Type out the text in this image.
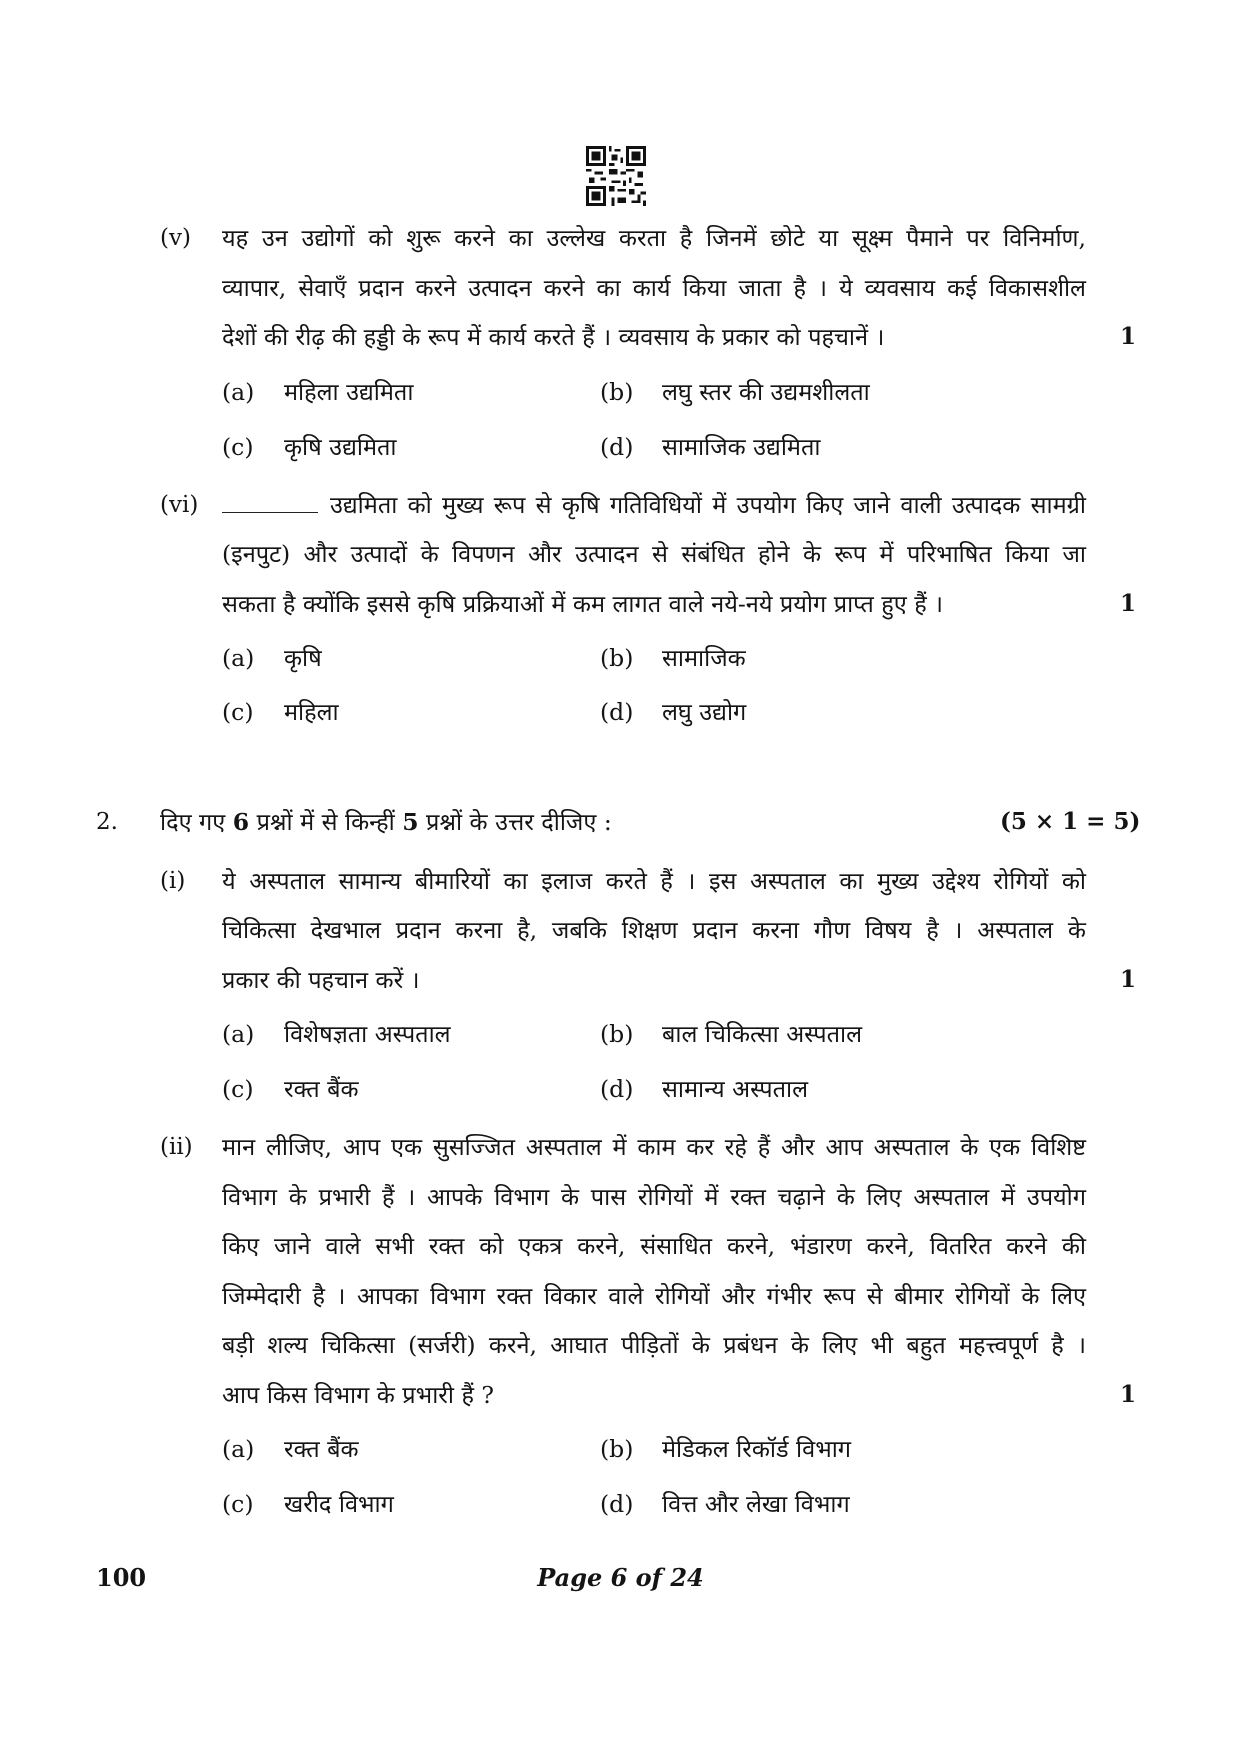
(v) यह उन उद्योगों को शुरू करने का उल्लेख करता है जिनमें छोटे या सूक्ष्म पैमाने पर विनिर्माण,
व्यापार, सेवाएँ प्रदान करने उत्पादन करने का कार्य किया जाता है । ये व्यवसाय कई विकासशील
देशों की रीढ़ की हड्डी के रूप में कार्य करते हैं । व्यवसाय के प्रकार को पहचानें ।	1
(a) महिला उद्यमिता	(b) लघु स्तर की उद्यमशीलता
(c) कृषि उद्यमिता	(d) सामाजिक उद्यमिता
(vi)	उद्यमिता को मुख्य रूप से कृषि गतिविधियों में उपयोग किए जाने वाली उत्पादक सामग्री
(इनपुट) और उत्पादों के विपणन और उत्पादन से संबंधित होने के रूप में परिभाषित किया जा
सकता है क्योंकि इससे कृषि प्रक्रियाओं में कम लागत वाले नये-नये प्रयोग प्राप्त हुए हैं ।	1
(a) कृषि	(b) सामाजिक
(c) महिला	(d) लघु उद्योग
2. दिए गए 6 प्रश्नों में से किन्हीं 5 प्रश्नों के उत्तर दीजिए :	(5 × 1 = 5)
(i) ये अस्पताल सामान्य बीमारियों का इलाज करते हैं । इस अस्पताल का मुख्य उद्देश्य रोगियों को
चिकित्सा देखभाल प्रदान करना है, जबकि शिक्षण प्रदान करना गौण विषय है । अस्पताल के
प्रकार की पहचान करें ।	1
(a) विशेषज्ञता अस्पताल	(b) बाल चिकित्सा अस्पताल
(c) रक्त बैंक	(d) सामान्य अस्पताल
(ii) मान लीजिए, आप एक सुसज्जित अस्पताल में काम कर रहे हैं और आप अस्पताल के एक विशिष्ट
विभाग के प्रभारी हैं । आपके विभाग के पास रोगियों में रक्त चढ़ाने के लिए अस्पताल में उपयोग
किए जाने वाले सभी रक्त को एकत्र करने, संसाधित करने, भंडारण करने, वितरित करने की
जिम्मेदारी है । आपका विभाग रक्त विकार वाले रोगियों और गंभीर रूप से बीमार रोगियों के लिए
बड़ी शल्य चिकित्सा (सर्जरी) करने, आघात पीड़ितों के प्रबंधन के लिए भी बहुत महत्त्वपूर्ण है ।
आप किस विभाग के प्रभारी हैं ?	1
(a) रक्त बैंक	(b) मेडिकल रिकॉर्ड विभाग
(c) खरीद विभाग	(d) वित्त और लेखा विभाग
100	Page 6 of 24
